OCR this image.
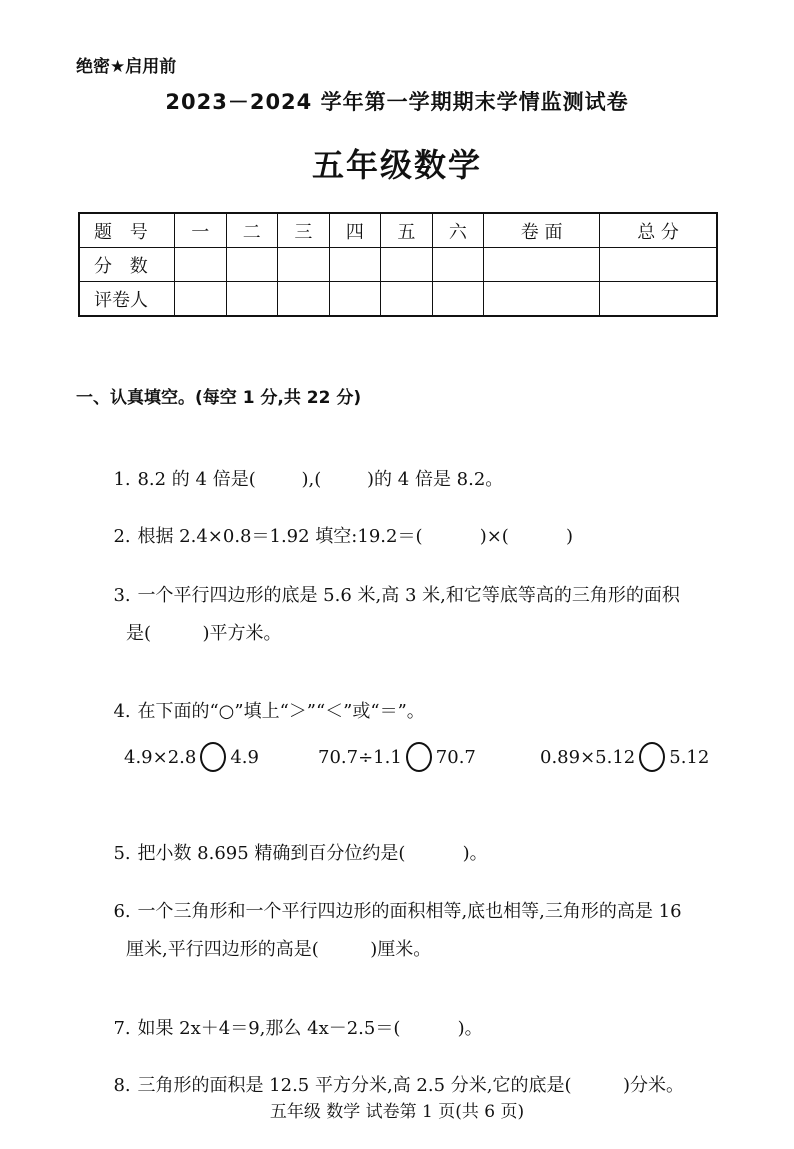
绝密★启用前
2023－2024 学年第一学期期末学情监测试卷
五年级数学
题 号	一	二	三	四	五	六	卷 面	总 分
分 数								
评卷人								
一、认真填空。(每空 1 分,共 22 分)

1. 8.2 的 4 倍是(        ),(        )的 4 倍是 8.2。

2. 根据 2.4×0.8＝1.92 填空:19.2＝(          )×(          )

3. 一个平行四边形的底是 5.6 米,高 3 米,和它等底等高的三角形的面积

是(         )平方米。

4. 在下面的“○”填上“＞”“＜”或“＝”。

4.9×2.8 4.9	70.7÷1.1 70.7	0.89×5.12 5.12

5. 把小数 8.695 精确到百分位约是(          )。

6. 一个三角形和一个平行四边形的面积相等,底也相等,三角形的高是 16

厘米,平行四边形的高是(         )厘米。

7. 如果 2x＋4＝9,那么 4x－2.5＝(          )。

8. 三角形的面积是 12.5 平方分米,高 2.5 分米,它的底是(         )分米。

五年级 数学 试卷第 1 页(共 6 页)
